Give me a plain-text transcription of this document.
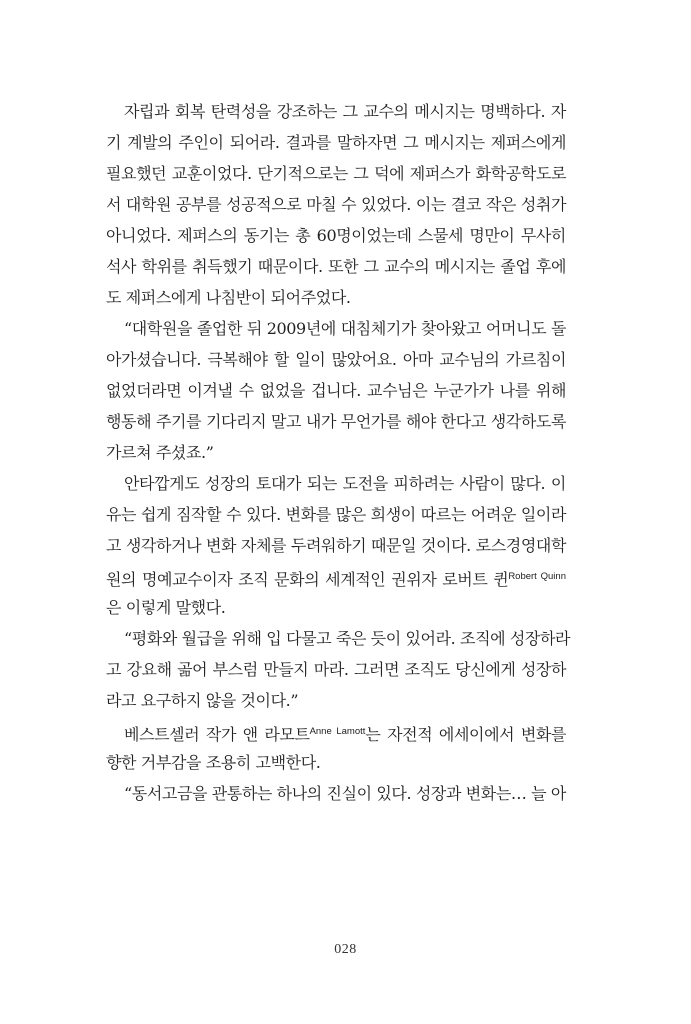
자립과 회복 탄력성을 강조하는 그 교수의 메시지는 명백하다. 자
기 계발의 주인이 되어라. 결과를 말하자면 그 메시지는 제퍼스에게
필요했던 교훈이었다. 단기적으로는 그 덕에 제퍼스가 화학공학도로
서 대학원 공부를 성공적으로 마칠 수 있었다. 이는 결코 작은 성취가
아니었다. 제퍼스의 동기는 총 60명이었는데 스물세 명만이 무사히
석사 학위를 취득했기 때문이다. 또한 그 교수의 메시지는 졸업 후에
도 제퍼스에게 나침반이 되어주었다.
“대학원을 졸업한 뒤 2009년에 대침체기가 찾아왔고 어머니도 돌
아가셨습니다. 극복해야 할 일이 많았어요. 아마 교수님의 가르침이
없었더라면 이겨낼 수 없었을 겁니다. 교수님은 누군가가 나를 위해
행동해 주기를 기다리지 말고 내가 무언가를 해야 한다고 생각하도록
가르쳐 주셨죠.”
안타깝게도 성장의 토대가 되는 도전을 피하려는 사람이 많다. 이
유는 쉽게 짐작할 수 있다. 변화를 많은 희생이 따르는 어려운 일이라
고 생각하거나 변화 자체를 두려워하기 때문일 것이다. 로스경영대학
원의 명예교수이자 조직 문화의 세계적인 권위자 로버트 퀸$^{Robert Quinn}$
은 이렇게 말했다.
“평화와 월급을 위해 입 다물고 죽은 듯이 있어라. 조직에 성장하라
고 강요해 곪어 부스럼 만들지 마라. 그러면 조직도 당신에게 성장하
라고 요구하지 않을 것이다.”
베스트셀러 작가 앤 라모트$^{Anne Lamott}$는 자전적 에세이에서 변화를
향한 거부감을 조용히 고백한다.
“동서고금을 관통하는 하나의 진실이 있다. 성장과 변화는… 늘 아
028
